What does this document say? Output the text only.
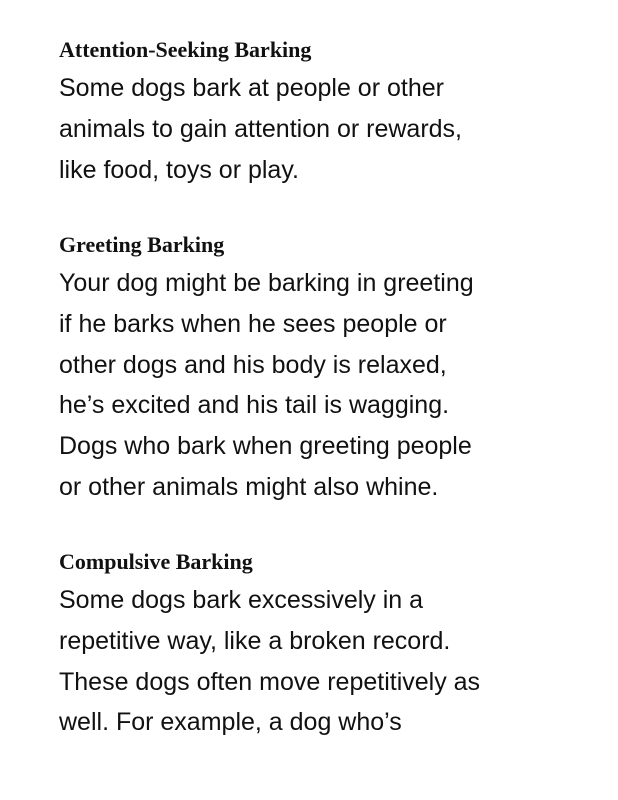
Attention-Seeking Barking

Some dogs bark at people or other

animals to gain attention or rewards,

like food, toys or play.

Greeting Barking

Your dog might be barking in greeting

if he barks when he sees people or

other dogs and his body is relaxed,

he’s excited and his tail is wagging.

Dogs who bark when greeting people

or other animals might also whine.

Compulsive Barking

Some dogs bark excessively in a

repetitive way, like a broken record.

These dogs often move repetitively as

well. For example, a dog who’s
